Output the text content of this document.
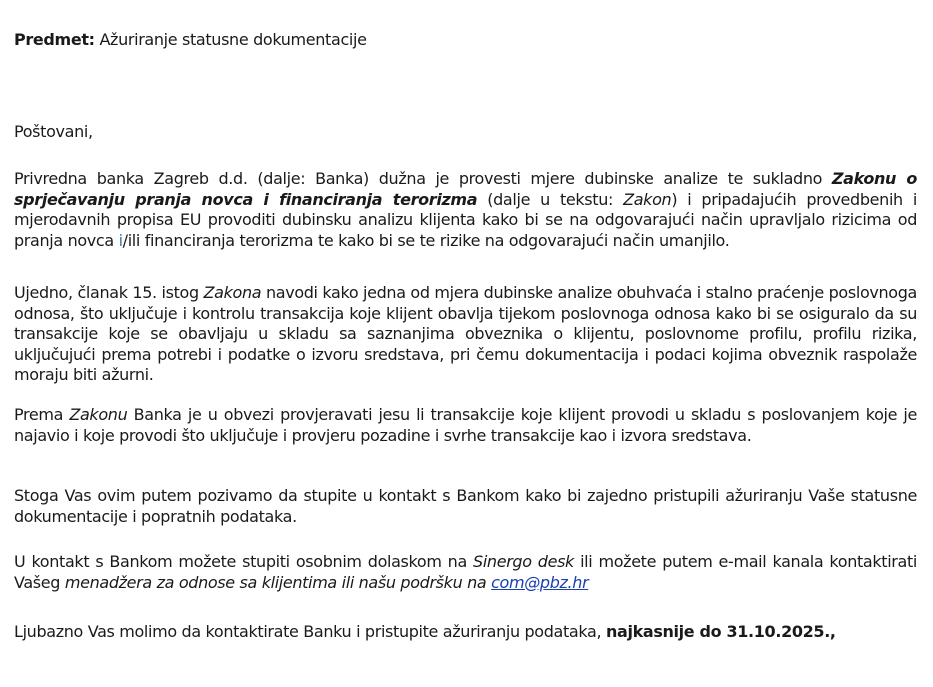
Predmet: Ažuriranje statusne dokumentacije

Poštovani,

Privredna banka Zagreb d.d. (dalje: Banka) dužna je provesti mjere dubinske analize te sukladno Zakonu o sprječavanju pranja novca i financiranja terorizma (dalje u tekstu: Zakon) i pripadajućih provedbenih i mjerodavnih propisa EU provoditi dubinsku analizu klijenta kako bi se na odgovarajući način upravljalo rizicima od pranja novca i/ili financiranja terorizma te kako bi se te rizike na odgovarajući način umanjilo.

Ujedno, članak 15. istog Zakona navodi kako jedna od mjera dubinske analize obuhvaća i stalno praćenje poslovnoga odnosa, što uključuje i kontrolu transakcija koje klijent obavlja tijekom poslovnoga odnosa kako bi se osiguralo da su transakcije koje se obavljaju u skladu sa saznanjima obveznika o klijentu, poslovnome profilu, profilu rizika, uključujući prema potrebi i podatke o izvoru sredstava, pri čemu dokumentacija i podaci kojima obveznik raspolaže moraju biti ažurni.

Prema Zakonu Banka je u obvezi provjeravati jesu li transakcije koje klijent provodi u skladu s poslovanjem koje je najavio i koje provodi što uključuje i provjeru pozadine i svrhe transakcije kao i izvora sredstava.

Stoga Vas ovim putem pozivamo da stupite u kontakt s Bankom kako bi zajedno pristupili ažuriranju Vaše statusne dokumentacije i popratnih podataka.

U kontakt s Bankom možete stupiti osobnim dolaskom na Sinergo desk ili možete putem e-mail kanala kontaktirati Vašeg menadžera za odnose sa klijentima ili našu podršku na com@pbz.hr

Ljubazno Vas molimo da kontaktirate Banku i pristupite ažuriranju podataka, najkasnije do 31.10.2025.,
